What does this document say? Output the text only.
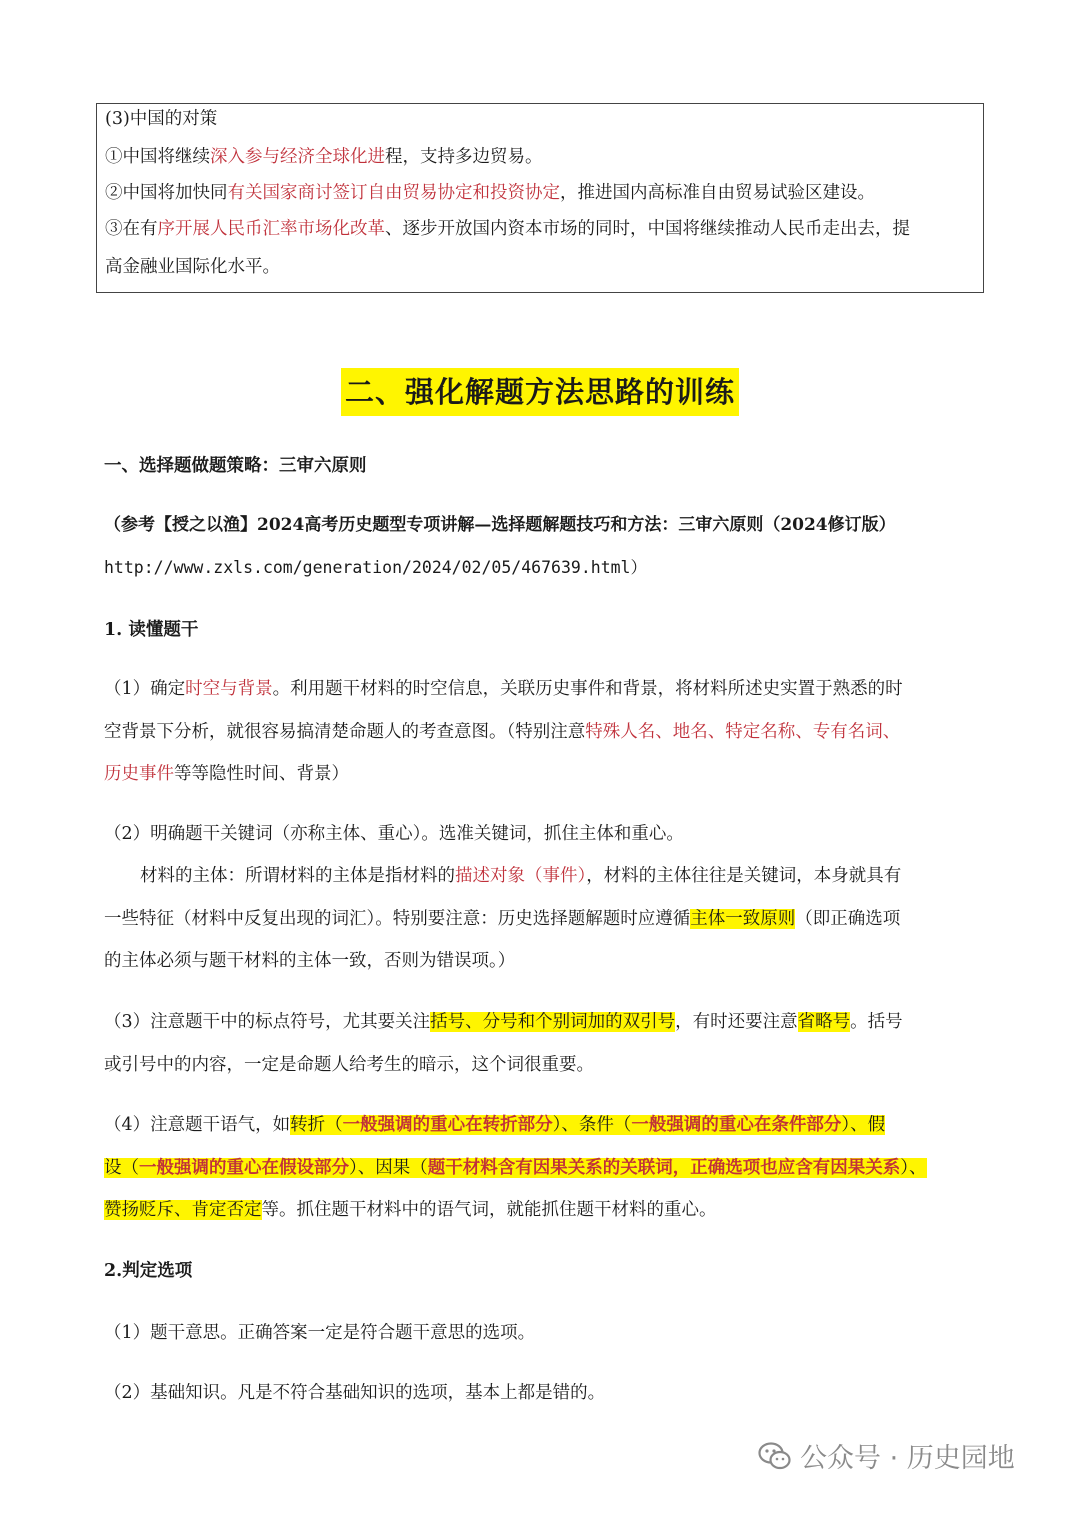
(3)中国的对策
①中国将继续深入参与经济全球化进程，支持多边贸易。
②中国将加快同有关国家商讨签订自由贸易协定和投资协定，推进国内高标准自由贸易试验区建设。
③在有序开展人民币汇率市场化改革、逐步开放国内资本市场的同时，中国将继续推动人民币走出去，提
高金融业国际化水平。
二、强化解题方法思路的训练
一、选择题做题策略：三审六原则
（参考【授之以渔】2024高考历史题型专项讲解—选择题解题技巧和方法：三审六原则（2024修订版）
http://www.zxls.com/generation/2024/02/05/467639.html）
1. 读懂题干
（1）确定时空与背景。利用题干材料的时空信息，关联历史事件和背景，将材料所述史实置于熟悉的时
空背景下分析，就很容易搞清楚命题人的考查意图。（特别注意特殊人名、地名、特定名称、专有名词、
历史事件等等隐性时间、背景）
（2）明确题干关键词（亦称主体、重心）。选准关键词，抓住主体和重心。
材料的主体：所谓材料的主体是指材料的描述对象（事件），材料的主体往往是关键词，本身就具有
一些特征（材料中反复出现的词汇）。特别要注意：历史选择题解题时应遵循主体一致原则（即正确选项
的主体必须与题干材料的主体一致，否则为错误项。）
（3）注意题干中的标点符号，尤其要关注括号、分号和个别词加的双引号，有时还要注意省略号。括号
或引号中的内容，一定是命题人给考生的暗示，这个词很重要。
（4）注意题干语气，如转折（一般强调的重心在转折部分）、条件（一般强调的重心在条件部分）、假
设（一般强调的重心在假设部分）、因果（题干材料含有因果关系的关联词，正确选项也应含有因果关系）、
赞扬贬斥、肯定否定等。抓住题干材料中的语气词，就能抓住题干材料的重心。
2.判定选项
（1）题干意思。正确答案一定是符合题干意思的选项。
（2）基础知识。凡是不符合基础知识的选项，基本上都是错的。
公众号 · 历史园地
